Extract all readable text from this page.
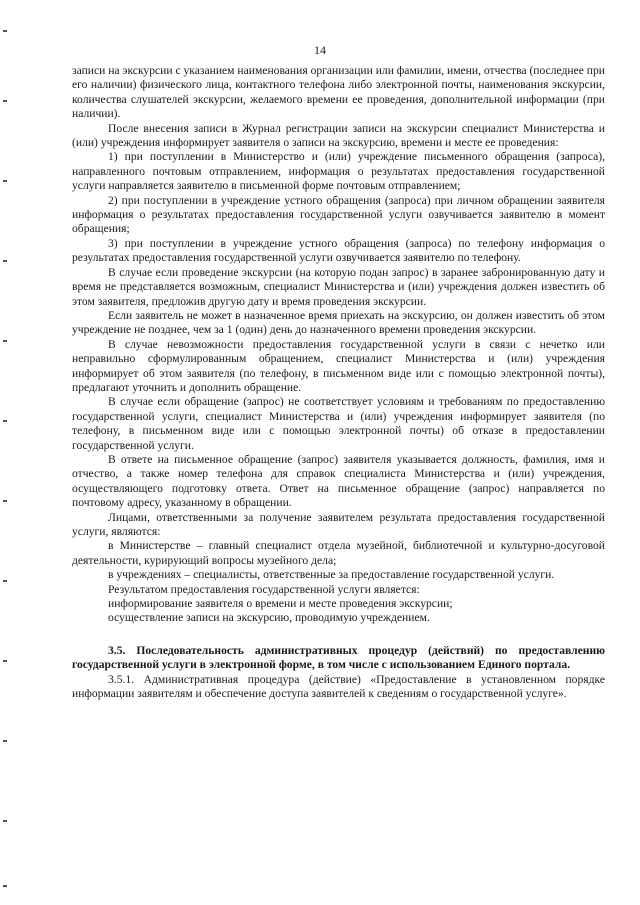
14

записи на экскурсии с указанием наименования организации или фамилии, имени, отчества (последнее при его наличии) физического лица, контактного телефона либо электронной почты, наименования экскурсии, количества слушателей экскурсии, желаемого времени ее проведения, дополнительной информации (при наличии).

После внесения записи в Журнал регистрации записи на экскурсии специалист Министерства и (или) учреждения информирует заявителя о записи на экскурсию, времени и месте ее проведения:

1) при поступлении в Министерство и (или) учреждение письменного обращения (запроса), направленного почтовым отправлением, информация о результатах предоставления государственной услуги направляется заявителю в письменной форме почтовым отправлением;

2) при поступлении в учреждение устного обращения (запроса) при личном обращении заявителя информация о результатах предоставления государственной услуги озвучивается заявителю в момент обращения;

3) при поступлении в учреждение устного обращения (запроса) по телефону информация о результатах предоставления государственной услуги озвучивается заявителю по телефону.

В случае если проведение экскурсии (на которую подан запрос) в заранее забронированную дату и время не представляется возможным, специалист Министерства и (или) учреждения должен известить об этом заявителя, предложив другую дату и время проведения экскурсии.

Если заявитель не может в назначенное время приехать на экскурсию, он должен известить об этом учреждение не позднее, чем за 1 (один) день до назначенного времени проведения экскурсии.

В случае невозможности предоставления государственной услуги в связи с нечетко или неправильно сформулированным обращением, специалист Министерства и (или) учреждения информирует об этом заявителя (по телефону, в письменном виде или с помощью электронной почты), предлагают уточнить и дополнить обращение.

В случае если обращение (запрос) не соответствует условиям и требованиям по предоставлению государственной услуги, специалист Министерства и (или) учреждения информирует заявителя (по телефону, в письменном виде или с помощью электронной почты) об отказе в предоставлении государственной услуги.

В ответе на письменное обращение (запрос) заявителя указывается должность, фамилия, имя и отчество, а также номер телефона для справок специалиста Министерства и (или) учреждения, осуществляющего подготовку ответа. Ответ на письменное обращение (запрос) направляется по почтовому адресу, указанному в обращении.

Лицами, ответственными за получение заявителем результата предоставления государственной услуги, являются:

в Министерстве – главный специалист отдела музейной, библиотечной и культурно-досуговой деятельности, курирующий вопросы музейного дела;

в учреждениях – специалисты, ответственные за предоставление государственной услуги.

Результатом предоставления государственной услуги является:

информирование заявителя о времени и месте проведения экскурсии;

осуществление записи на экскурсию, проводимую учреждением.

3.5. Последовательность административных процедур (действий) по предоставлению государственной услуги в электронной форме, в том числе с использованием Единого портала.

3.5.1. Административная процедура (действие) «Предоставление в установленном порядке информации заявителям и обеспечение доступа заявителей к сведениям о государственной услуге».
